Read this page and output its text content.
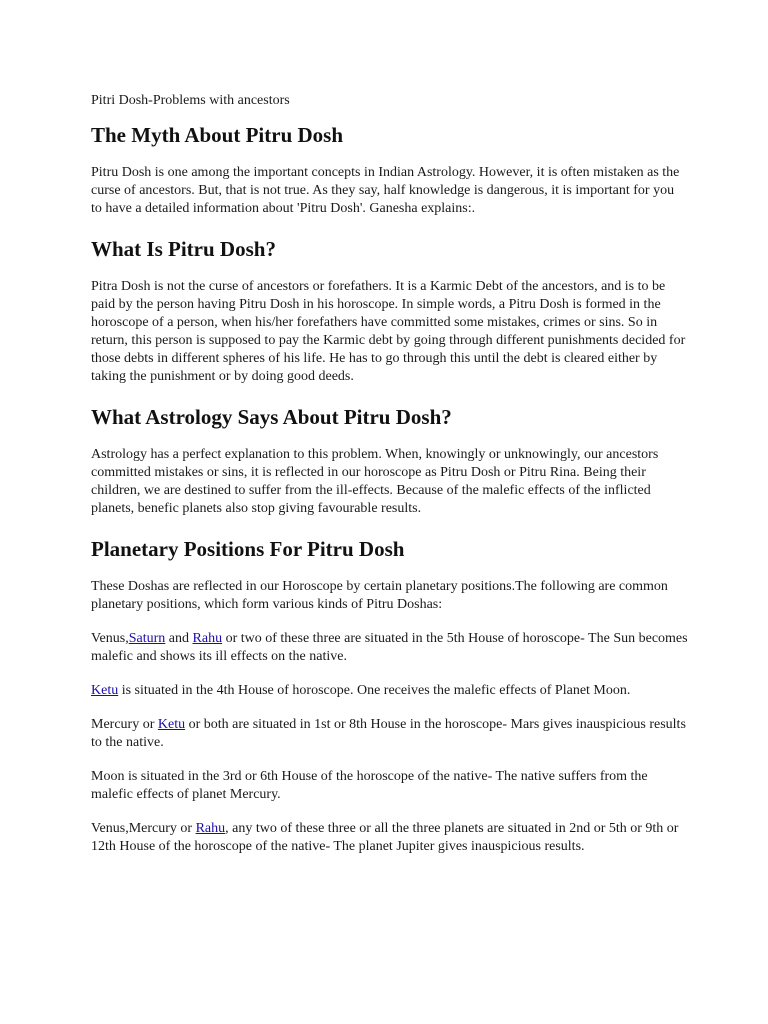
Pitri Dosh-Problems with ancestors
The Myth About Pitru Dosh

Pitru Dosh is one among the important concepts in Indian Astrology. However, it is often mistaken as the curse of ancestors. But, that is not true. As they say, half knowledge is dangerous, it is important for you to have a detailed information about 'Pitru Dosh'. Ganesha explains:.

What Is Pitru Dosh?

Pitra Dosh is not the curse of ancestors or forefathers. It is a Karmic Debt of the ancestors, and is to be paid by the person having Pitru Dosh in his horoscope. In simple words, a Pitru Dosh is formed in the horoscope of a person, when his/her forefathers have committed some mistakes, crimes or sins. So in return, this person is supposed to pay the Karmic debt by going through different punishments decided for those debts in different spheres of his life. He has to go through this until the debt is cleared either by taking the punishment or by doing good deeds.

What Astrology Says About Pitru Dosh?

Astrology has a perfect explanation to this problem. When, knowingly or unknowingly, our ancestors committed mistakes or sins, it is reflected in our horoscope as Pitru Dosh or Pitru Rina. Being their children, we are destined to suffer from the ill-effects. Because of the malefic effects of the inflicted planets, benefic planets also stop giving favourable results.

Planetary Positions For Pitru Dosh

These Doshas are reflected in our Horoscope by certain planetary positions.The following are common planetary positions, which form various kinds of Pitru Doshas:

Venus,Saturn and Rahu or two of these three are situated in the 5th House of horoscope- The Sun becomes malefic and shows its ill effects on the native.

Ketu is situated in the 4th House of horoscope. One receives the malefic effects of Planet Moon.

Mercury or Ketu or both are situated in 1st or 8th House in the horoscope- Mars gives inauspicious results to the native.

Moon is situated in the 3rd or 6th House of the horoscope of the native- The native suffers from the malefic effects of planet Mercury.

Venus,Mercury or Rahu, any two of these three or all the three planets are situated in 2nd or 5th or 9th or 12th House of the horoscope of the native- The planet Jupiter gives inauspicious results.
